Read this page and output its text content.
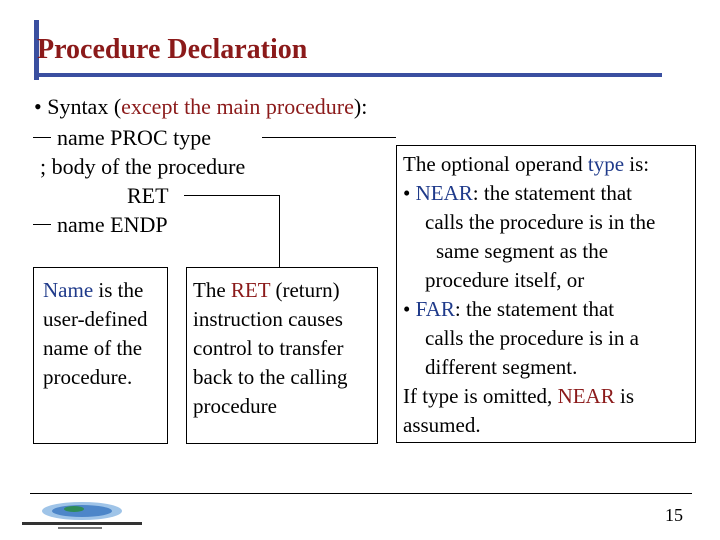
Procedure Declaration
• Syntax (except the main procedure):
name PROC type
; body of the procedure
RET
name ENDP
Name is the
user-defined
name of the
procedure.
The RET (return)
instruction causes
control to transfer
back to the calling
procedure
The optional operand type is:
• NEAR: the statement that
calls the procedure is in the
same segment as the
procedure itself, or
• FAR: the statement that
calls the procedure is in a
different segment.
If type is omitted, NEAR is
assumed.
15
